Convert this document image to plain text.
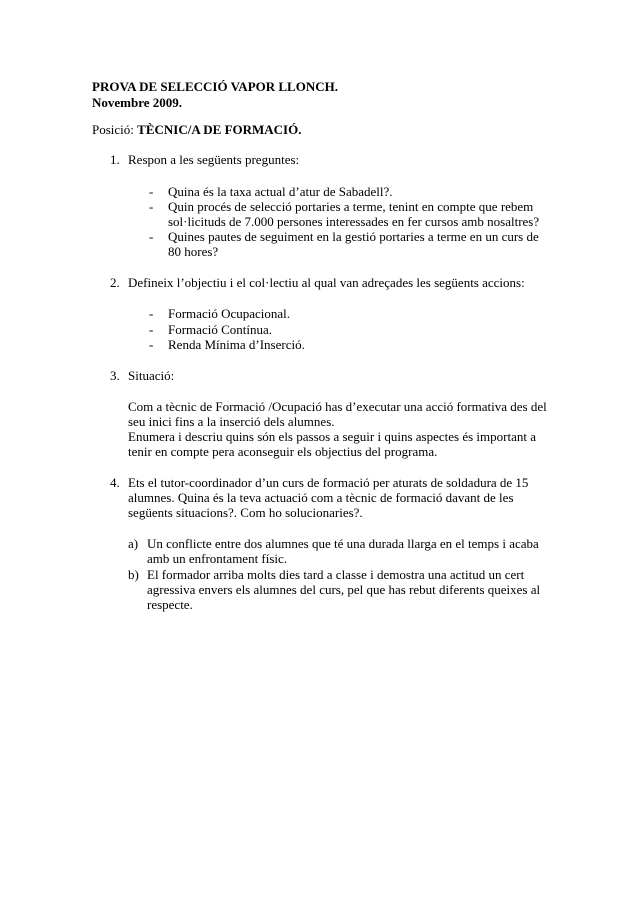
PROVA DE SELECCIÓ VAPOR LLONCH.
Novembre 2009.
Posició: TÈCNIC/A DE FORMACIÓ.
1. Respon a les següents preguntes:
- Quina és la taxa actual d’atur de Sabadell?.
- Quin procés de selecció portaries a terme, tenint en compte que rebem
sol·licituds de 7.000 persones interessades en fer cursos amb nosaltres?
- Quines pautes de seguiment en la gestió portaries a terme en un curs de
80 hores?
2. Defineix l’objectiu i el col·lectiu al qual van adreçades les següents accions:
- Formació Ocupacional.
- Formació Contínua.
- Renda Mínima d’Inserció.
3. Situació:
Com a tècnic de Formació /Ocupació has d’executar una acció formativa des del
seu inici fins a la inserció dels alumnes.
Enumera i descriu quins són els passos a seguir i quins aspectes és important a
tenir en compte pera aconseguir els objectius del programa.
4. Ets el tutor-coordinador d’un curs de formació per aturats de soldadura de 15
alumnes. Quina és la teva actuació com a tècnic de formació davant de les
següents situacions?. Com ho solucionaries?.
a) Un conflicte entre dos alumnes que té una durada llarga en el temps i acaba
amb un enfrontament físic.
b) El formador arriba molts dies tard a classe i demostra una actitud un cert
agressiva envers els alumnes del curs, pel que has rebut diferents queixes al
respecte.
